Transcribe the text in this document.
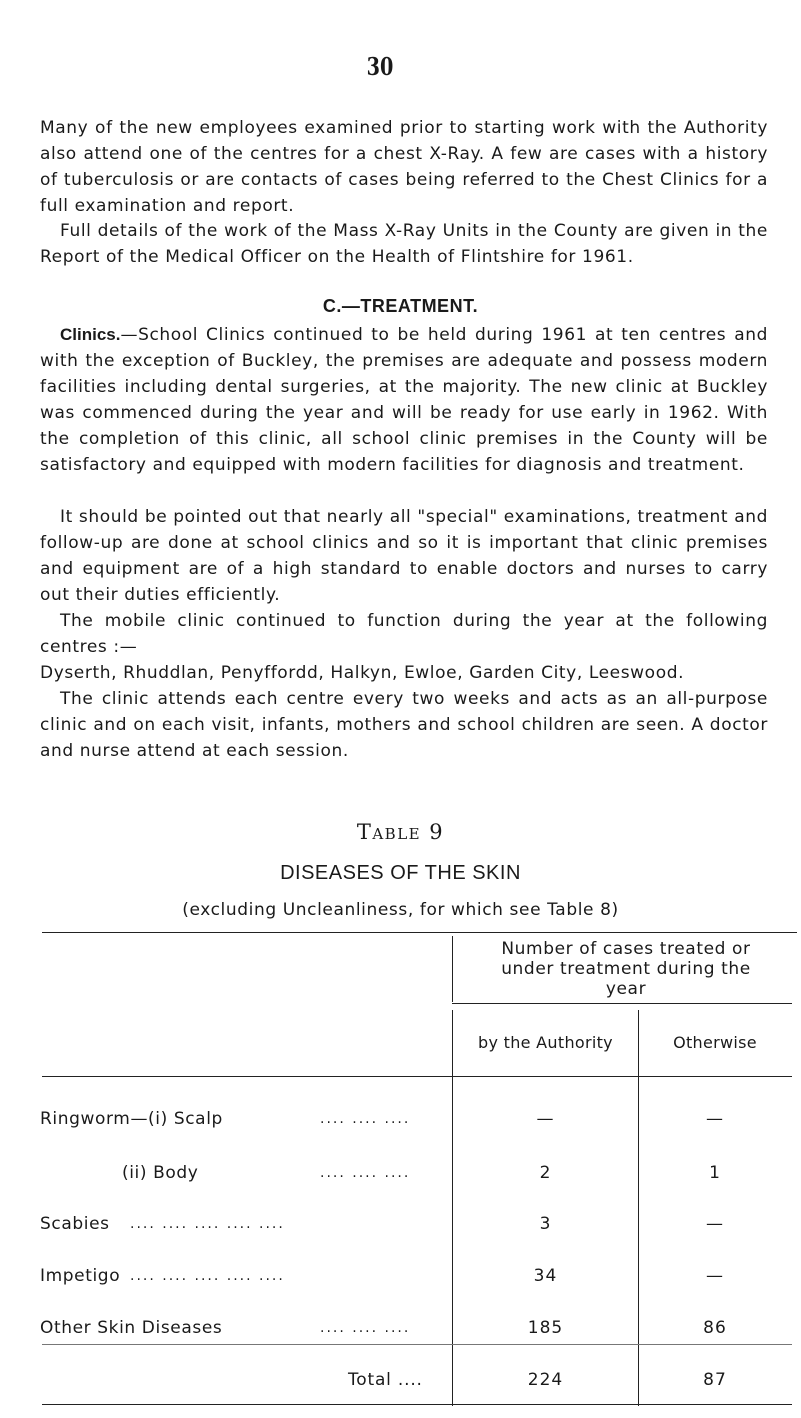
30

Many of the new employees examined prior to starting work with the Authority also attend one of the centres for a chest X-Ray. A few are cases with a history of tuberculosis or are contacts of cases being referred to the Chest Clinics for a full examination and report.

Full details of the work of the Mass X-Ray Units in the County are given in the Report of the Medical Officer on the Health of Flintshire for 1961.

C.—TREATMENT.

Clinics.—School Clinics continued to be held during 1961 at ten centres and with the exception of Buckley, the premises are adequate and possess modern facilities including dental surgeries, at the majority. The new clinic at Buckley was commenced during the year and will be ready for use early in 1962. With the completion of this clinic, all school clinic premises in the County will be satisfactory and equipped with modern facilities for diagnosis and treatment.

It should be pointed out that nearly all "special" examinations, treatment and follow-up are done at school clinics and so it is important that clinic premises and equipment are of a high standard to enable doctors and nurses to carry out their duties efficiently.

The mobile clinic continued to function during the year at the following centres :—

Dyserth, Rhuddlan, Penyffordd, Halkyn, Ewloe, Garden City, Leeswood.

The clinic attends each centre every two weeks and acts as an all-purpose clinic and on each visit, infants, mothers and school children are seen. A doctor and nurse attend at each session.

Table 9
DISEASES OF THE SKIN
(excluding Uncleanliness, for which see Table 8)
Number of cases treated or
under treatment during the
year
by the Authority	Otherwise
Ringworm—(i) Scalp	.... .... ....	—	—
(ii) Body	.... .... ....	2	1
Scabies .... .... .... .... ....	3	—
Impetigo .... .... .... .... ....	34	—
Other Skin Diseases	.... .... ....	185	86
Total ....	224	87
